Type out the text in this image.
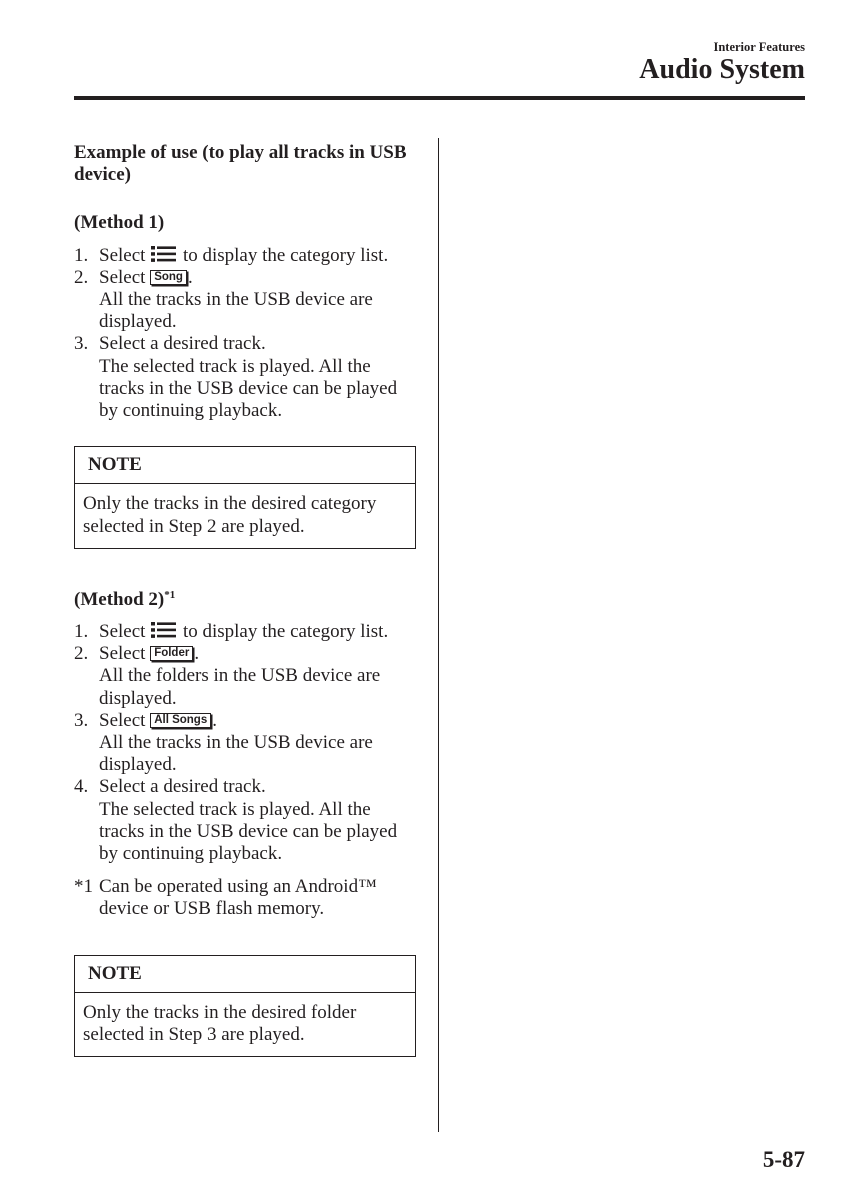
Interior Features
Audio System

Example of use (to play all tracks in USB device)

(Method 1)

1. Select  to display the category list.
2. Select Song .
All the tracks in the USB device are displayed.
3. Select a desired track.
The selected track is played. All the tracks in the USB device can be played by continuing playback.
NOTE
Only the tracks in the desired category selected in Step 2 are played.

(Method 2)$^{*1}$

1. Select  to display the category list.
2. Select Folder .
All the folders in the USB device are displayed.
3. Select All Songs .
All the tracks in the USB device are displayed.
4. Select a desired track.
The selected track is played. All the tracks in the USB device can be played by continuing playback.
*1 Can be operated using an Android™ device or USB flash memory.
NOTE
Only the tracks in the desired folder selected in Step 3 are played.
5-87
